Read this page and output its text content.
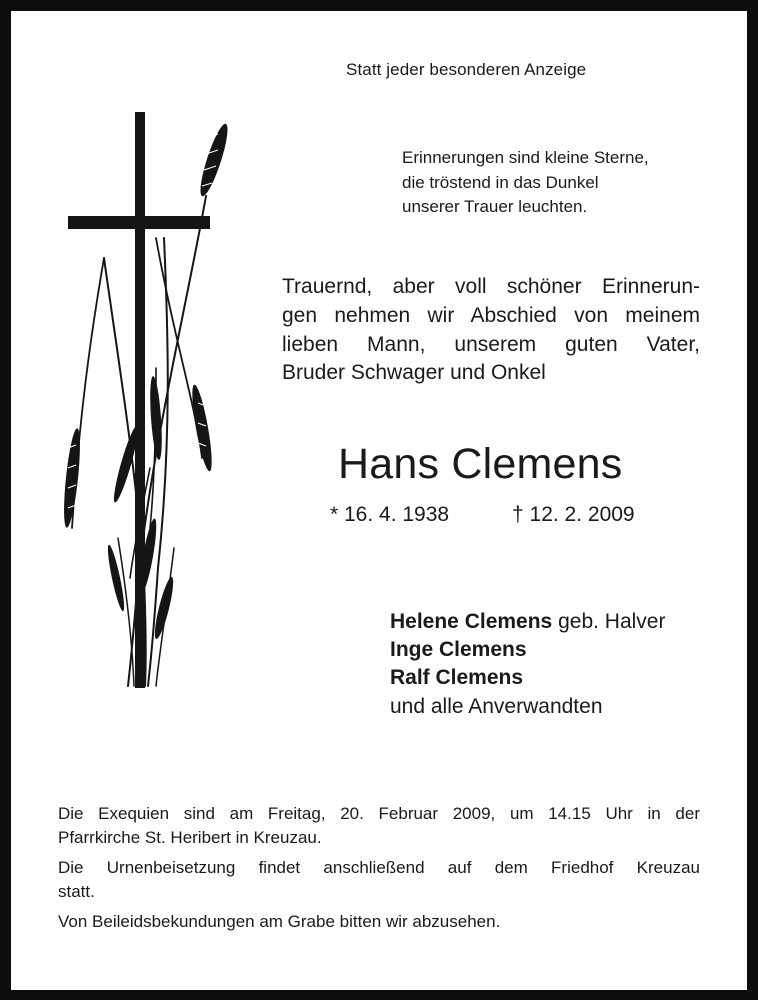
Statt jeder besonderen Anzeige
Erinnerungen sind kleine Sterne,
die tröstend in das Dunkel
unserer Trauer leuchten.
Trauernd, aber voll schöner Erinnerun-
gen nehmen wir Abschied von meinem
lieben Mann, unserem guten Vater,
Bruder Schwager und Onkel
Hans Clemens
* 16. 4. 1938	† 12. 2. 2009
Helene Clemens geb. Halver
Inge Clemens
Ralf Clemens
und alle Anverwandten

Die Exequien sind am Freitag, 20. Februar 2009, um 14.15 Uhr in der
Pfarrkirche St. Heribert in Kreuzau.

Die Urnenbeisetzung findet anschließend auf dem Friedhof Kreuzau
statt.

Von Beileidsbekundungen am Grabe bitten wir abzusehen.
